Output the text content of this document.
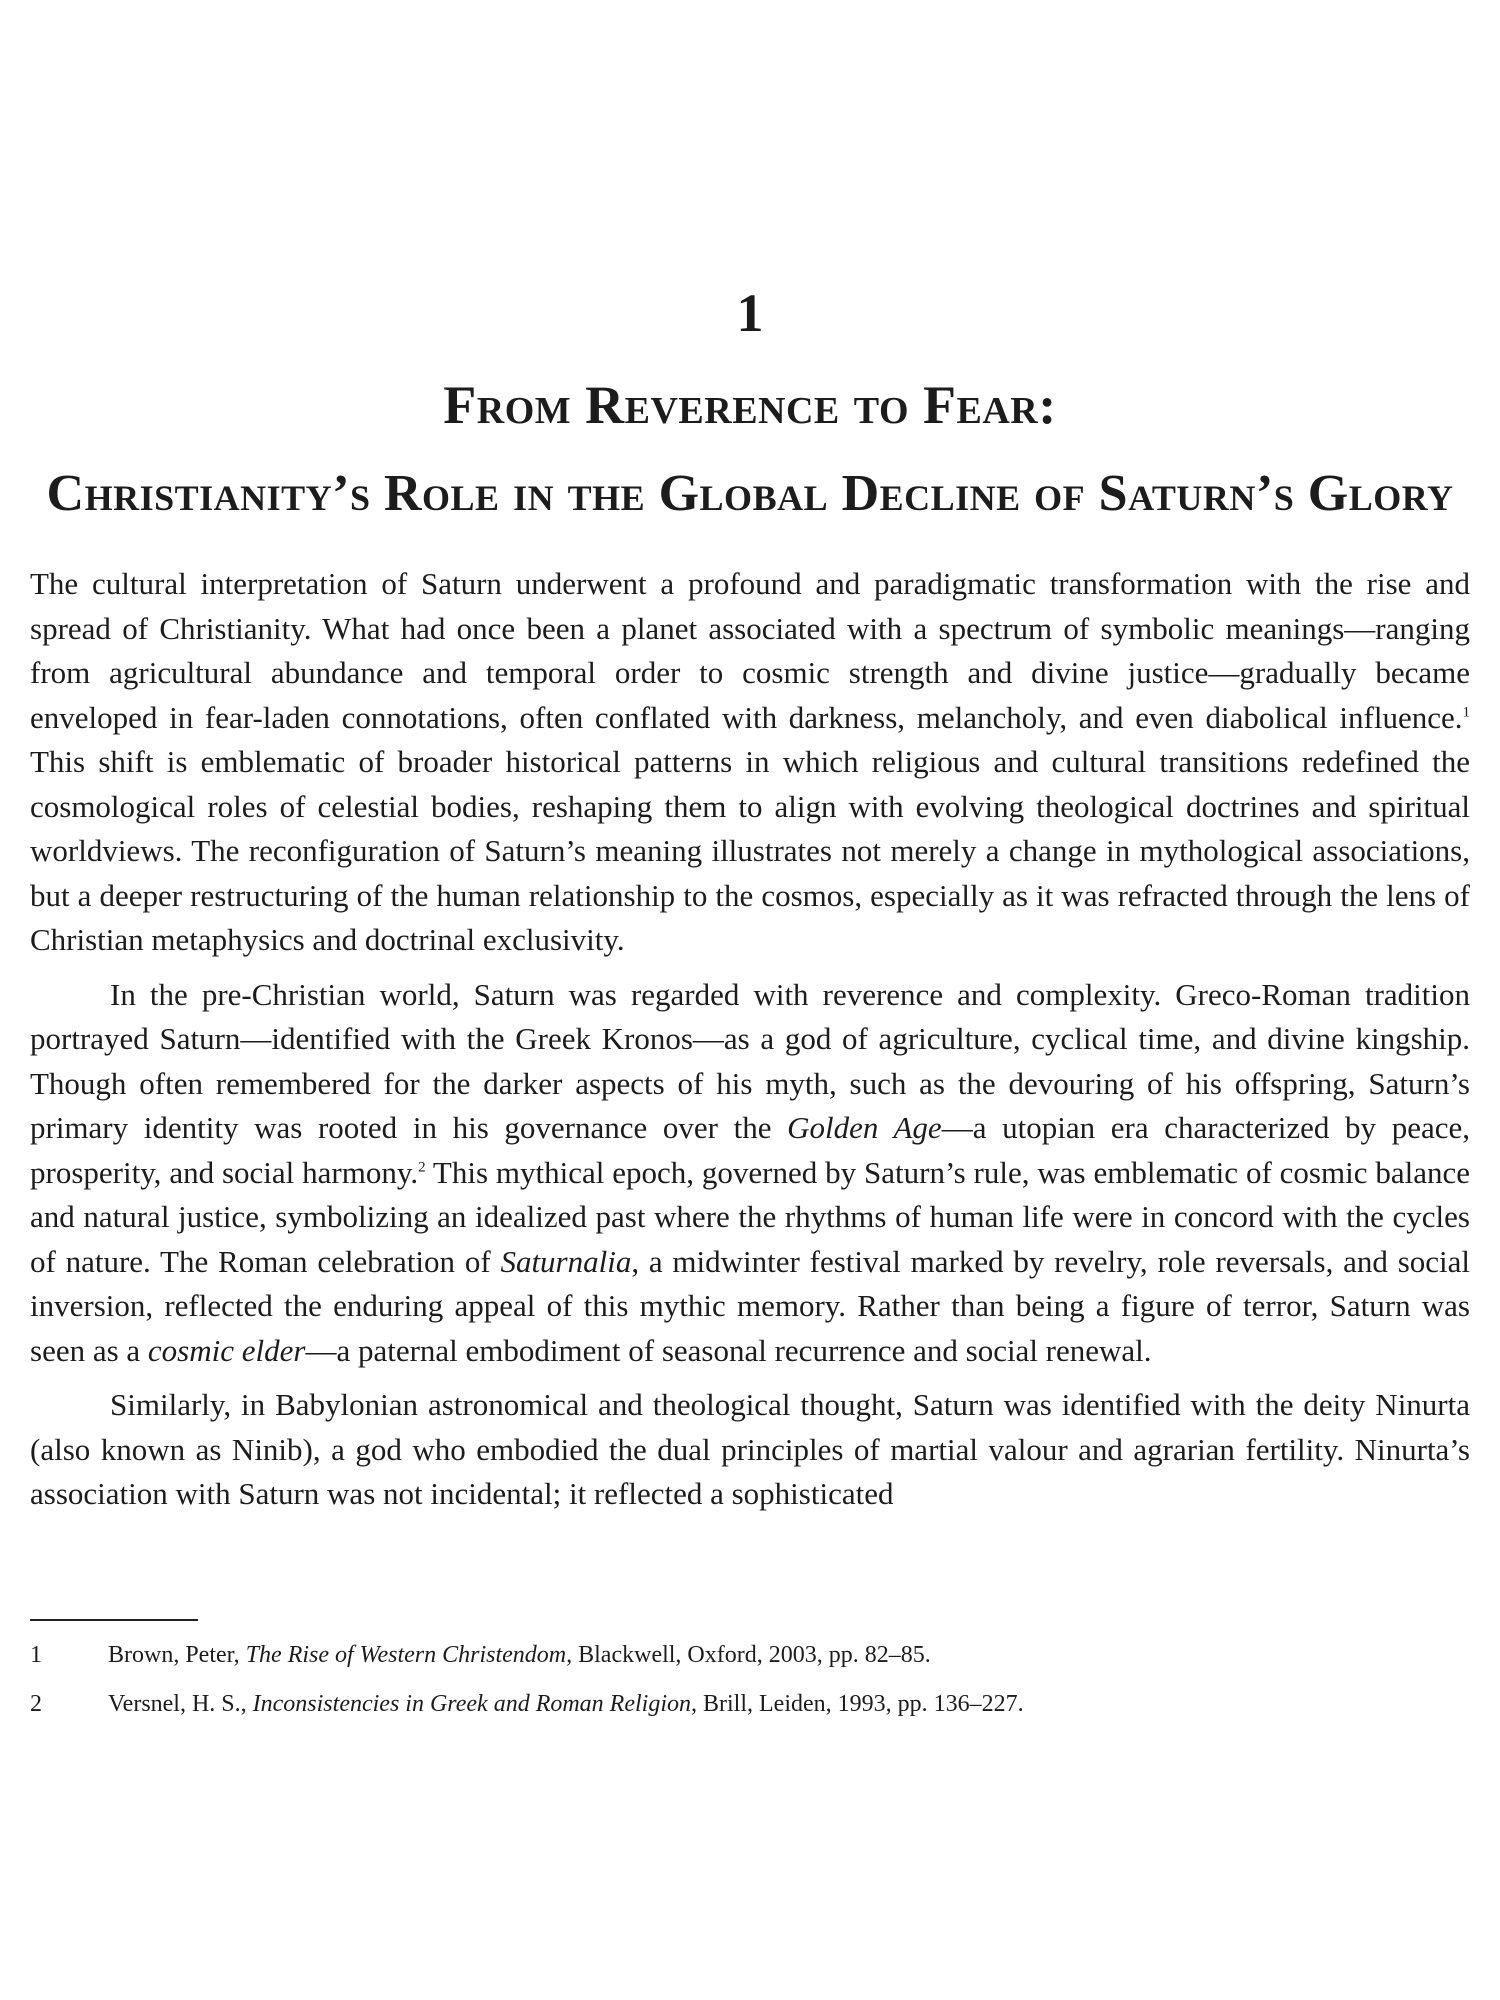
1
From Reverence to Fear:
Christianity’s Role in the Global Decline of Saturn’s Glory

The cultural interpretation of Saturn underwent a profound and paradigmatic transformation with the rise and spread of Christianity. What had once been a planet associated with a spectrum of symbolic meanings—ranging from agricultural abundance and temporal order to cosmic strength and divine justice—gradually became enveloped in fear-laden connotations, often conflated with darkness, melancholy, and even diabolical influence.$^1$ This shift is emblematic of broader historical patterns in which religious and cultural transitions redefined the cosmological roles of celestial bodies, reshaping them to align with evolving theological doctrines and spiritual worldviews. The reconfiguration of Saturn’s meaning illustrates not merely a change in mythological associations, but a deeper restructuring of the human relationship to the cosmos, especially as it was refracted through the lens of Christian metaphysics and doctrinal exclusivity.

In the pre-Christian world, Saturn was regarded with reverence and complexity. Greco-Roman tradition portrayed Saturn—identified with the Greek Kronos—as a god of agriculture, cyclical time, and divine kingship. Though often remembered for the darker aspects of his myth, such as the devouring of his offspring, Saturn’s primary identity was rooted in his governance over the Golden Age—a utopian era characterized by peace, prosperity, and social harmony.$^2$ This mythical epoch, governed by Saturn’s rule, was emblematic of cosmic balance and natural justice, symbolizing an idealized past where the rhythms of human life were in concord with the cycles of nature. The Roman celebration of Saturnalia, a midwinter festival marked by revelry, role reversals, and social inversion, reflected the enduring appeal of this mythic memory. Rather than being a figure of terror, Saturn was seen as a cosmic elder—a paternal embodiment of seasonal recurrence and social renewal.

Similarly, in Babylonian astronomical and theological thought, Saturn was identified with the deity Ninurta (also known as Ninib), a god who embodied the dual principles of martial valour and agrarian fertility. Ninurta’s association with Saturn was not incidental; it reflected a sophisticated

1	Brown, Peter, The Rise of Western Christendom, Blackwell, Oxford, 2003, pp. 82–85.
2	Versnel, H. S., Inconsistencies in Greek and Roman Religion, Brill, Leiden, 1993, pp. 136–227.
